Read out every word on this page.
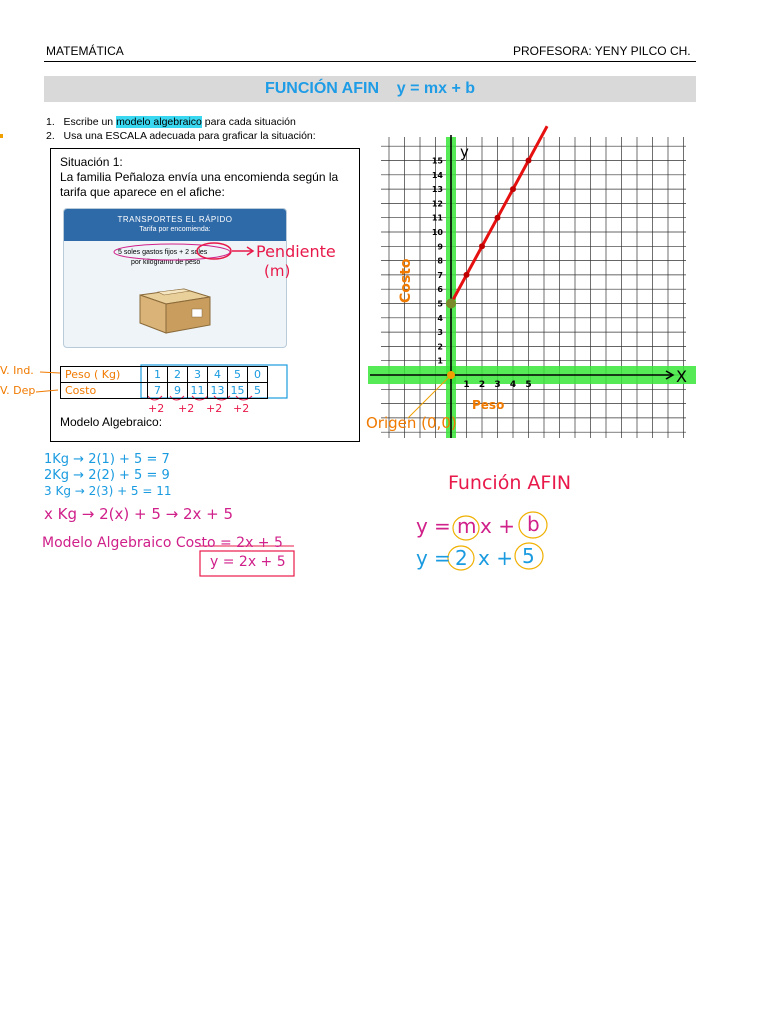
MATEMÁTICA	PROFESORA: YENY PILCO CH.
FUNCIÓN AFIN    y = mx + b
1. Escribe un modelo algebraico para cada situación
2. Usa una ESCALA adecuada para graficar la situación:
Situación 1:
La familia Peñaloza envía una encomienda según la
tarifa que aparece en el afiche:
TRANSPORTES EL RÁPIDO
Tarifa por encomienda:
5 soles gastos fijos + 2 soles
por kilogramo de peso
Pendiente
(m)
Peso ( Kg)	1	2	3	4	5	0
Costo	7	9	11	13	15	5
+2 +2 +2 +2
V. Ind.
V. Dep
Modelo Algebraico:
1Kg → 2(1) + 5 = 7
2Kg → 2(2) + 5 = 9
3 Kg → 2(3) + 5 = 11
x Kg → 2(x) + 5 → 2x + 5
Modelo Algebraico Costo = 2x + 5
y = 2x + 5
Función AFIN
y = m x + b
y = 2 x + 5
1
2
3
4
5
6
7
8
9
10
11
12
13
14
15
1 2 3 4 5
Costo
Peso
Origen (0,0)
y
X
